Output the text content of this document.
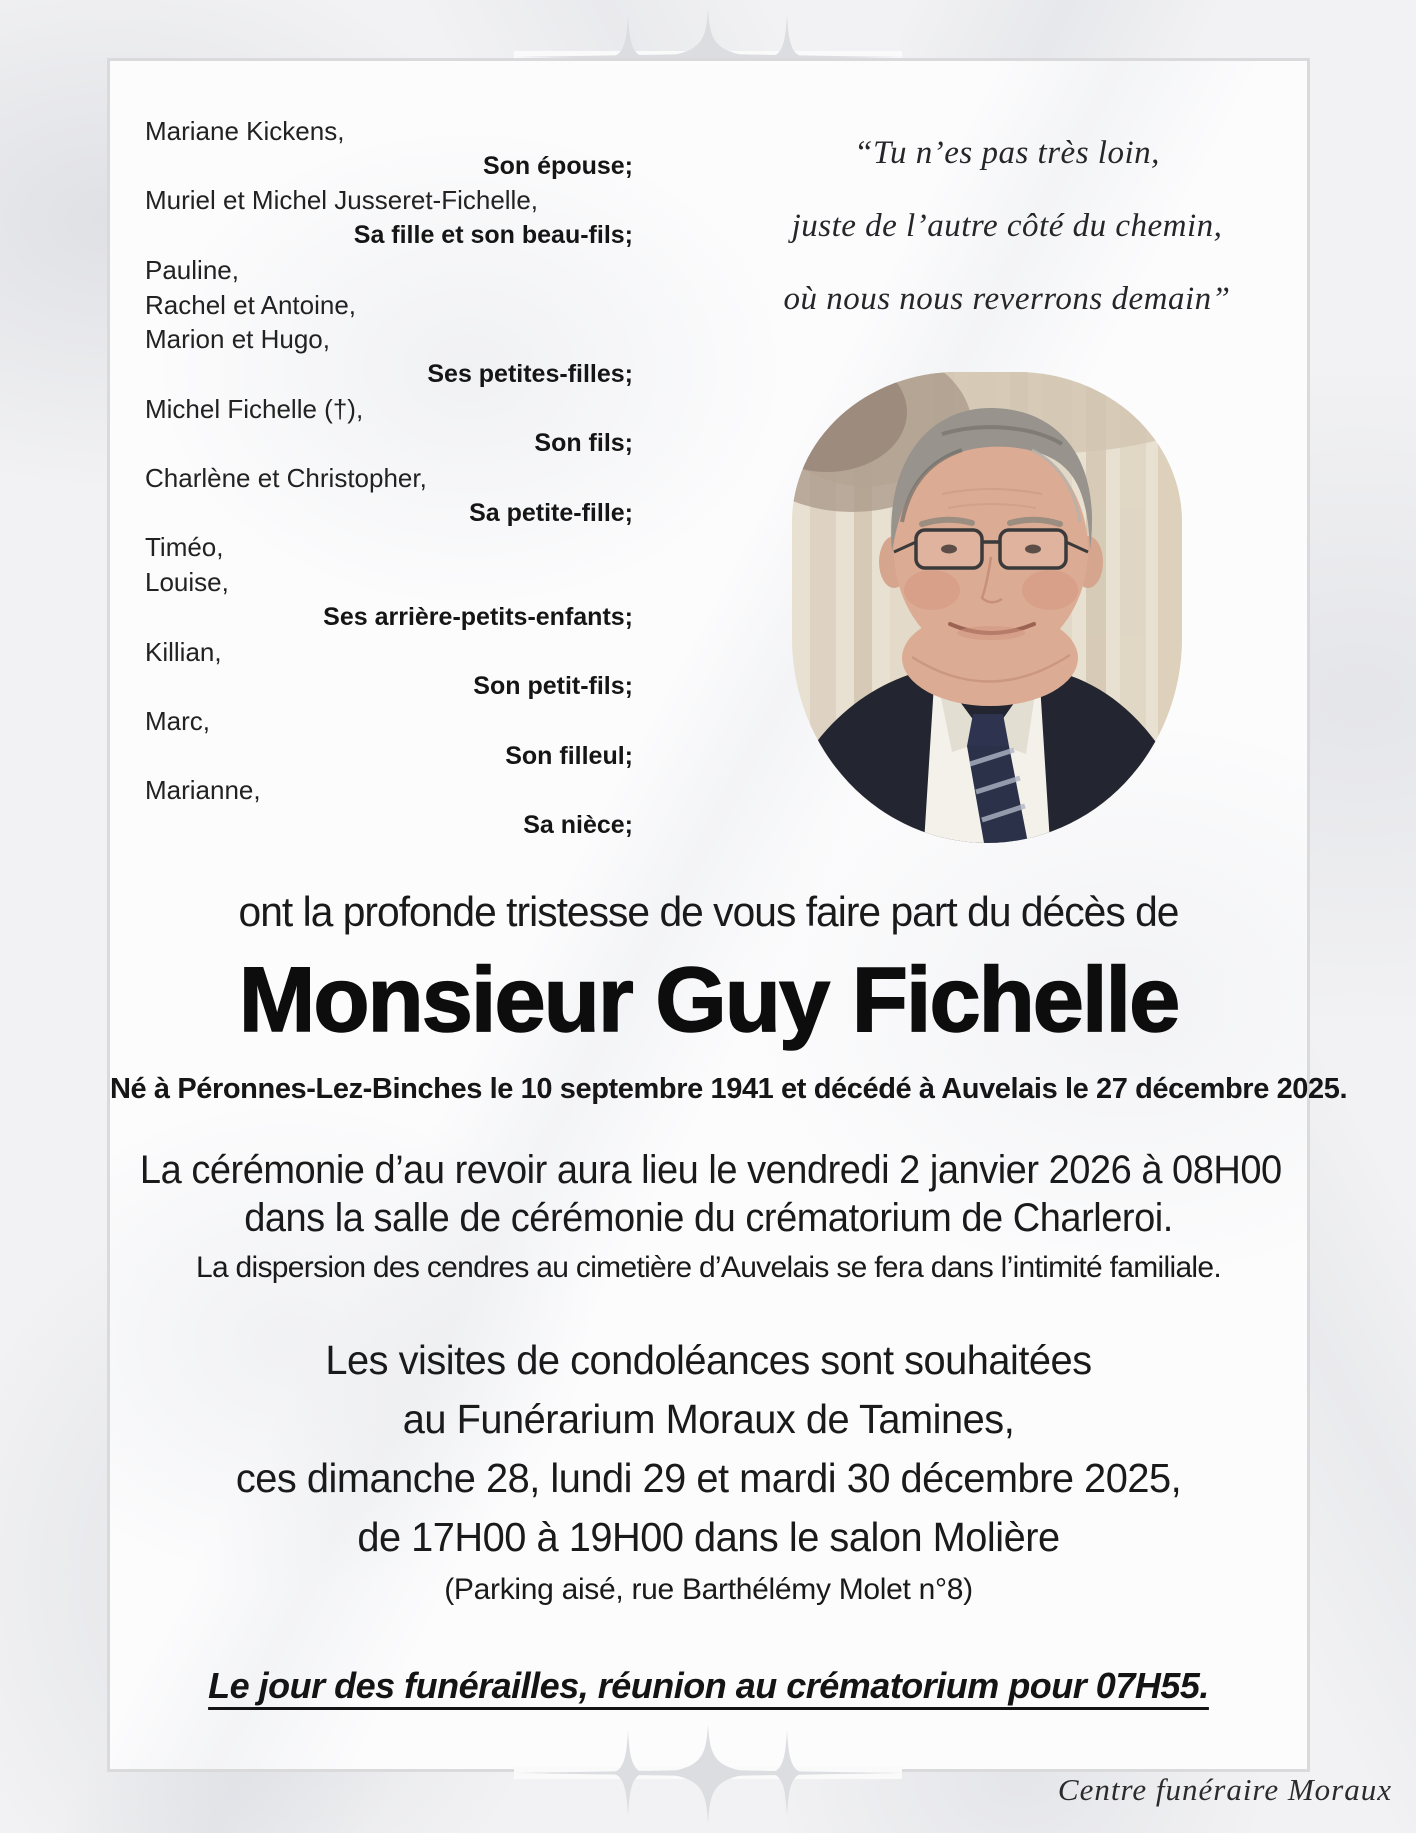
Mariane Kickens,
Son épouse;
Muriel et Michel Jusseret-Fichelle,
Sa fille et son beau-fils;
Pauline,
Rachel et Antoine,
Marion et Hugo,
Ses petites-filles;
Michel Fichelle (†),
Son fils;
Charlène et Christopher,
Sa petite-fille;
Timéo,
Louise,
Ses arrière-petits-enfants;
Killian,
Son petit-fils;
Marc,
Son filleul;
Marianne,
Sa nièce;
“Tu n’es pas très loin,
juste de l’autre côté du chemin,
où nous nous reverrons demain”
ont la profonde tristesse de vous faire part du décès de
Monsieur Guy Fichelle
Né à Péronnes-Lez-Binches le 10 septembre 1941 et décédé à Auvelais le 27 décembre 2025.
La cérémonie d’au revoir aura lieu le vendredi 2 janvier 2026 à 08H00
dans la salle de cérémonie du crématorium de Charleroi.
La dispersion des cendres au cimetière d’Auvelais se fera dans l’intimité familiale.
Les visites de condoléances sont souhaitées
au Funérarium Moraux de Tamines,
ces dimanche 28, lundi 29 et mardi 30 décembre 2025,
de 17H00 à 19H00 dans le salon Molière
(Parking aisé, rue Barthélémy Molet n°8)
Le jour des funérailles, réunion au crématorium pour 07H55.
Centre funéraire Moraux
